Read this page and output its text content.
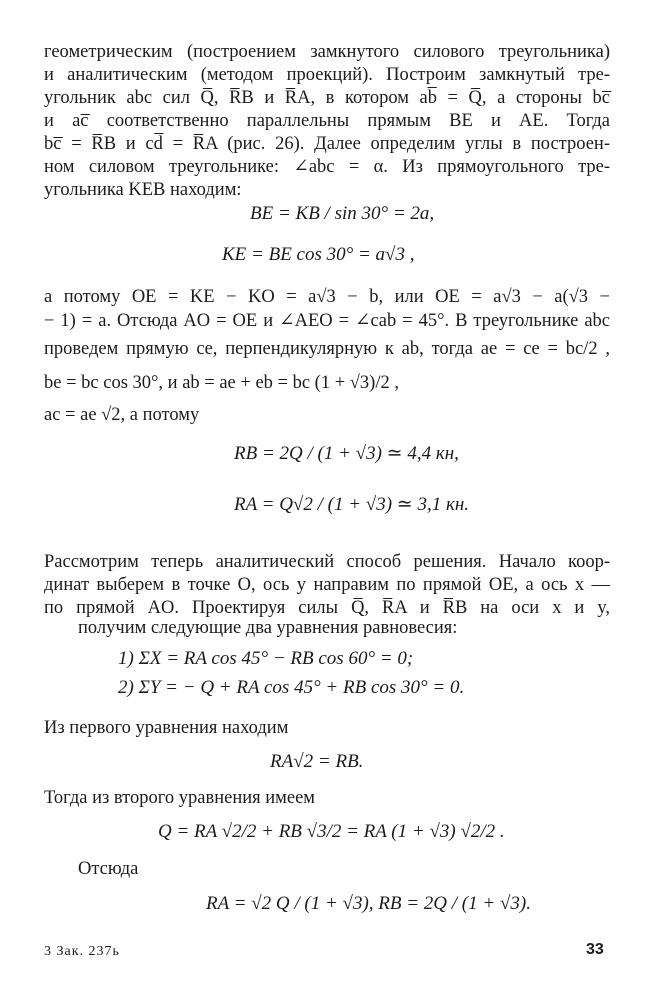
геометрическим (построением замкнутого силового треугольника)
и аналитическим (методом проекций). Построим замкнутый тре-
угольник abc сил Q̅, R̅B и R̅A, в котором ab̅ = Q̅, а стороны bc̅
и ac̅ соответственно параллельны прямым BE и AE. Тогда
bc̅ = R̅B и cd̅ = R̅A (рис. 26). Далее определим углы в построен-
ном силовом треугольнике: ∠abc = α. Из прямоугольного тре-
угольника KEB находим:
BE = KB / sin 30° = 2a,
KE = BE cos 30° = a√3 ,
а потому OE = KE − KO = a√3 − b, или OE = a√3 − a(√3 −
− 1) = a. Отсюда AO = OE и ∠AEO = ∠cab = 45°. В треугольнике abc
проведем прямую ce, перпендикулярную к ab, тогда ae = ce = bc/2 ,
be = bc cos 30°, и ab = ae + eb = bc (1 + √3)/2 ,
ac = ae √2, а потому
RB = 2Q / (1 + √3) ≃ 4,4 кн,
RA = Q√2 / (1 + √3) ≃ 3,1 кн.
Рассмотрим теперь аналитический способ решения. Начало коор-
динат выберем в точке O, ось y направим по прямой OE, а ось x —
по прямой AO. Проектируя силы Q̅, R̅A и R̅B на оси x и y,
получим следующие два уравнения равновесия:
1) ΣX = RA cos 45° − RB cos 60° = 0;
2) ΣY = − Q + RA cos 45° + RB cos 30° = 0.
Из первого уравнения находим
RA√2 = RB.
Тогда из второго уравнения имеем
Q = RA √2/2 + RB √3/2 = RA (1 + √3) √2/2 .
Отсюда
RA = √2 Q / (1 + √3), RB = 2Q / (1 + √3).
3 Зак. 237ь	33
